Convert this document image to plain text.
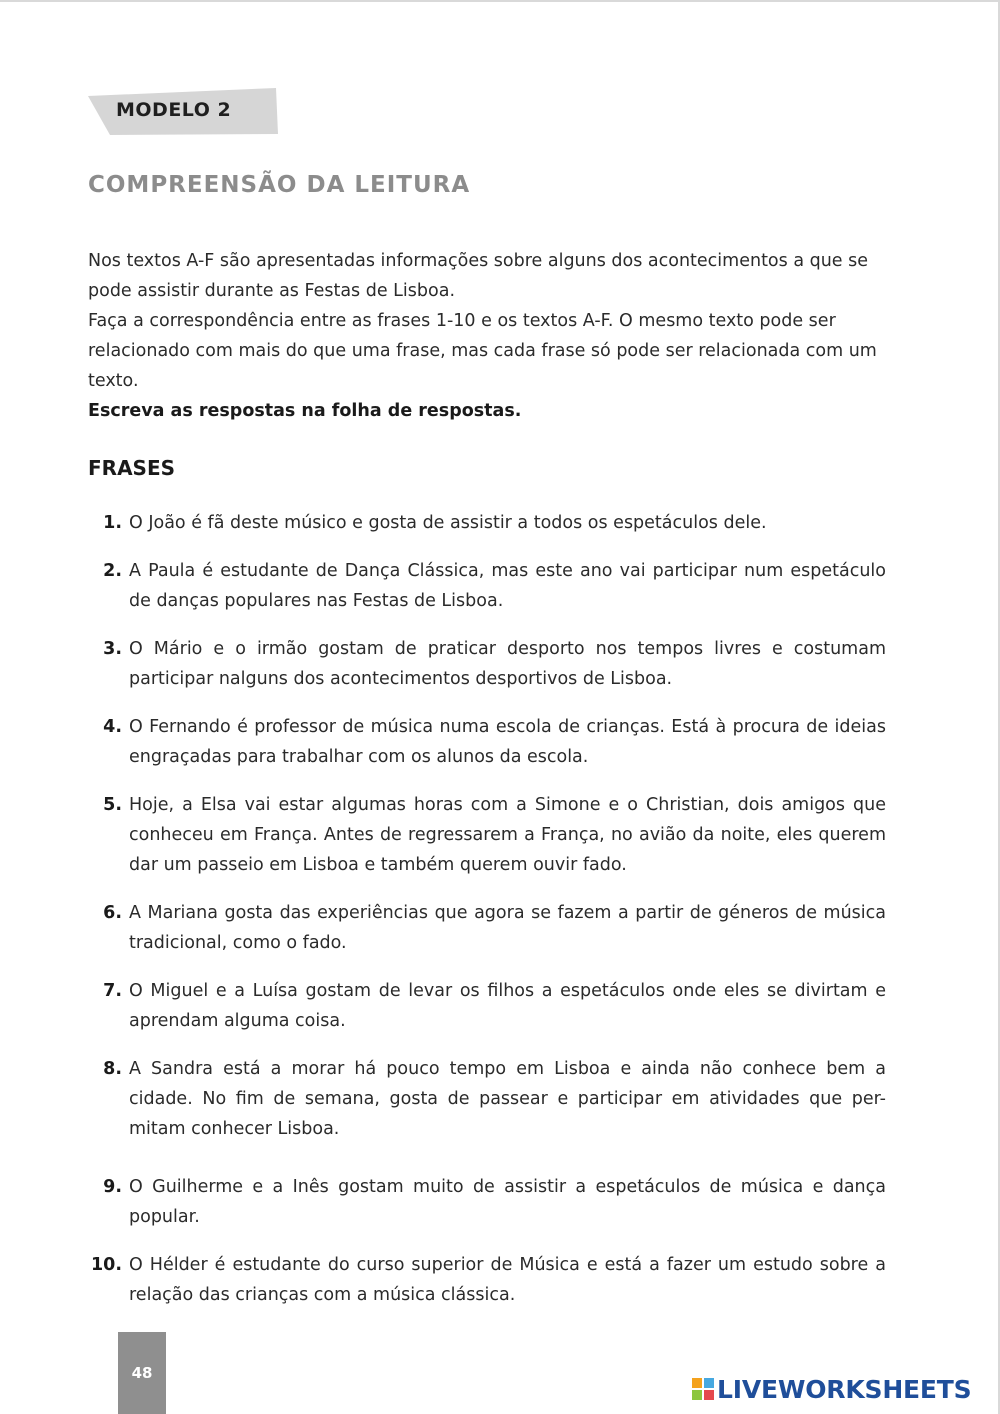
MODELO 2
COMPREENSÃO DA LEITURA

Nos textos A-F são apresentadas informações sobre alguns dos acontecimentos a que se pode assistir durante as Festas de Lisboa.

Faça a correspondência entre as frases 1-10 e os textos A-F. O mesmo texto pode ser relacionado com mais do que uma frase, mas cada frase só pode ser relacionada com um texto.

Escreva as respostas na folha de respostas.

FRASES
1. O João é fã deste músico e gosta de assistir a todos os espetáculos dele.
2. A Paula é estudante de Dança Clássica, mas este ano vai participar num espetáculo de danças populares nas Festas de Lisboa.
3. O Mário e o irmão gostam de praticar desporto nos tempos livres e costumam participar nalguns dos acontecimentos desportivos de Lisboa.
4. O Fernando é professor de música numa escola de crianças. Está à procura de ideias engraçadas para trabalhar com os alunos da escola.
5. Hoje, a Elsa vai estar algumas horas com a Simone e o Christian, dois amigos que conheceu em França. Antes de regressarem a França, no avião da noite, eles querem dar um passeio em Lisboa e também querem ouvir fado.
6. A Mariana gosta das experiências que agora se fazem a partir de géneros de música tradicional, como o fado.
7. O Miguel e a Luísa gostam de levar os filhos a espetáculos onde eles se divirtam e aprendam alguma coisa.
8. A Sandra está a morar há pouco tempo em Lisboa e ainda não conhece bem a cidade. No fim de semana, gosta de passear e participar em atividades que per-mitam conhecer Lisboa.
9. O Guilherme e a Inês gostam muito de assistir a espetáculos de música e dança popular.
10. O Hélder é estudante do curso superior de Música e está a fazer um estudo sobre a relação das crianças com a música clássica.
48
LIVEWORKSHEETS
